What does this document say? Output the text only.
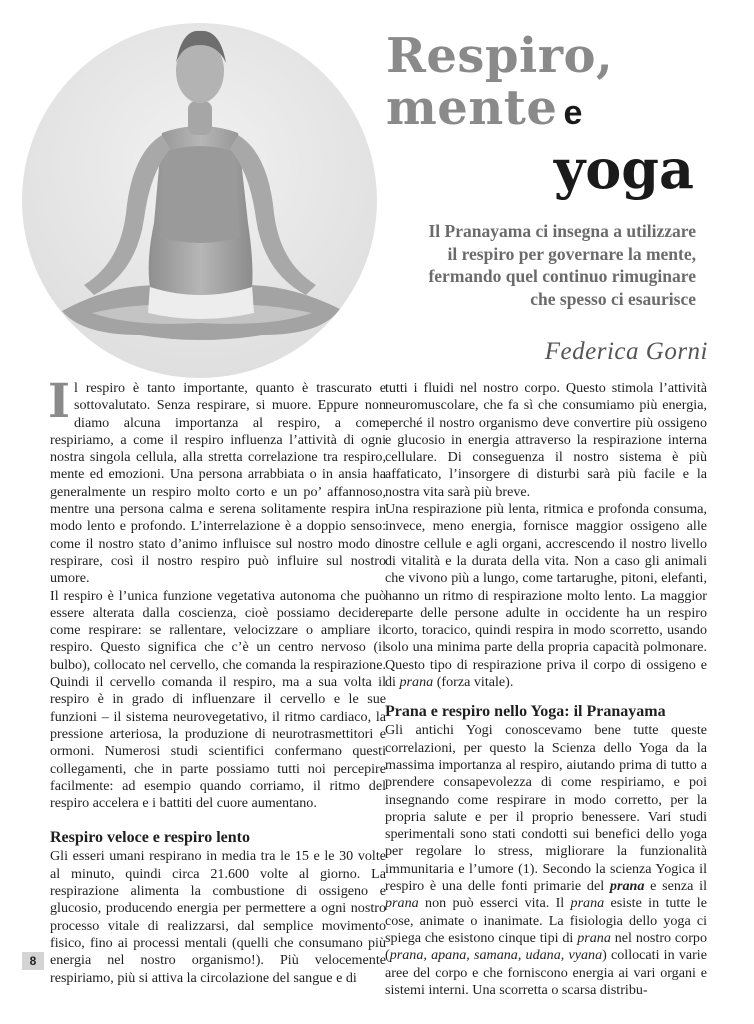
Respiro,
mente e
yoga

Il Pranayama ci insegna a utilizzare
il respiro per governare la mente,
fermando quel continuo rimuginare
che spesso ci esaurisce

Federica Gorni

Il respiro è tanto importante, quanto è trascurato e sottovalutato. Senza respirare, si muore. Eppure non diamo alcuna importanza al respiro, a come respiriamo, a come il respiro influenza l’attività di ogni nostra singola cellula, alla stretta correlazione tra respiro, mente ed emozioni. Una persona arrabbiata o in ansia ha generalmente un respiro molto corto e un po’ affannoso, mentre una persona calma e serena solitamente respira in modo lento e profondo. L’interrelazione è a doppio senso: come il nostro stato d’animo influisce sul nostro modo di respirare, così il nostro respiro può influire sul nostro umore.

Il respiro è l’unica funzione vegetativa autonoma che può essere alterata dalla coscienza, cioè possiamo decidere come respirare: se rallentare, velocizzare o ampliare il respiro. Questo significa che c’è un centro nervoso (il bulbo), collocato nel cervello, che comanda la respirazione. Quindi il cervello comanda il respiro, ma a sua volta il respiro è in grado di influenzare il cervello e le sue funzioni – il sistema neurovegetativo, il ritmo cardiaco, la pressione arteriosa, la produzione di neurotrasmettitori e ormoni. Numerosi studi scientifici confermano questi collegamenti, che in parte possiamo tutti noi percepire facilmente: ad esempio quando corriamo, il ritmo del respiro accelera e i battiti del cuore aumentano.

Respiro veloce e respiro lento

Gli esseri umani respirano in media tra le 15 e le 30 volte al minuto, quindi circa 21.600 volte al giorno. La respirazione alimenta la combustione di ossigeno e glucosio, producendo energia per permettere a ogni nostro processo vitale di realizzarsi, dal semplice movimento fisico, fino ai processi mentali (quelli che consumano più energia nel nostro organismo!). Più velocemente respiriamo, più si attiva la circolazione del sangue e di

tutti i fluidi nel nostro corpo. Questo stimola l’attività neuromuscolare, che fa sì che consumiamo più energia, perché il nostro organismo deve convertire più ossigeno e glucosio in energia attraverso la respirazione interna cellulare. Di conseguenza il nostro sistema è più affaticato, l’insorgere di disturbi sarà più facile e la nostra vita sarà più breve.

Una respirazione più lenta, ritmica e profonda consuma, invece, meno energia, fornisce maggior ossigeno alle nostre cellule e agli organi, accrescendo il nostro livello di vitalità e la durata della vita. Non a caso gli animali che vivono più a lungo, come tartarughe, pitoni, elefanti, hanno un ritmo di respirazione molto lento. La maggior parte delle persone adulte in occidente ha un respiro corto, toracico, quindi respira in modo scorretto, usando solo una minima parte della propria capacità polmonare. Questo tipo di respirazione priva il corpo di ossigeno e di prana (forza vitale).

Prana e respiro nello Yoga: il Pranayama

Gli antichi Yogi conoscevamo bene tutte queste correlazioni, per questo la Scienza dello Yoga da la massima importanza al respiro, aiutando prima di tutto a prendere consapevolezza di come respiriamo, e poi insegnando come respirare in modo corretto, per la propria salute e per il proprio benessere. Vari studi sperimentali sono stati condotti sui benefici dello yoga per regolare lo stress, migliorare la funzionalità immunitaria e l’umore (1). Secondo la scienza Yogica il respiro è una delle fonti primarie del prana e senza il prana non può esserci vita. Il prana esiste in tutte le cose, animate o inanimate. La fisiologia dello yoga ci spiega che esistono cinque tipi di prana nel nostro corpo (prana, apana, samana, udana, vyana) collocati in varie aree del corpo e che forniscono energia ai vari organi e sistemi interni. Una scorretta o scarsa distribu-

8
